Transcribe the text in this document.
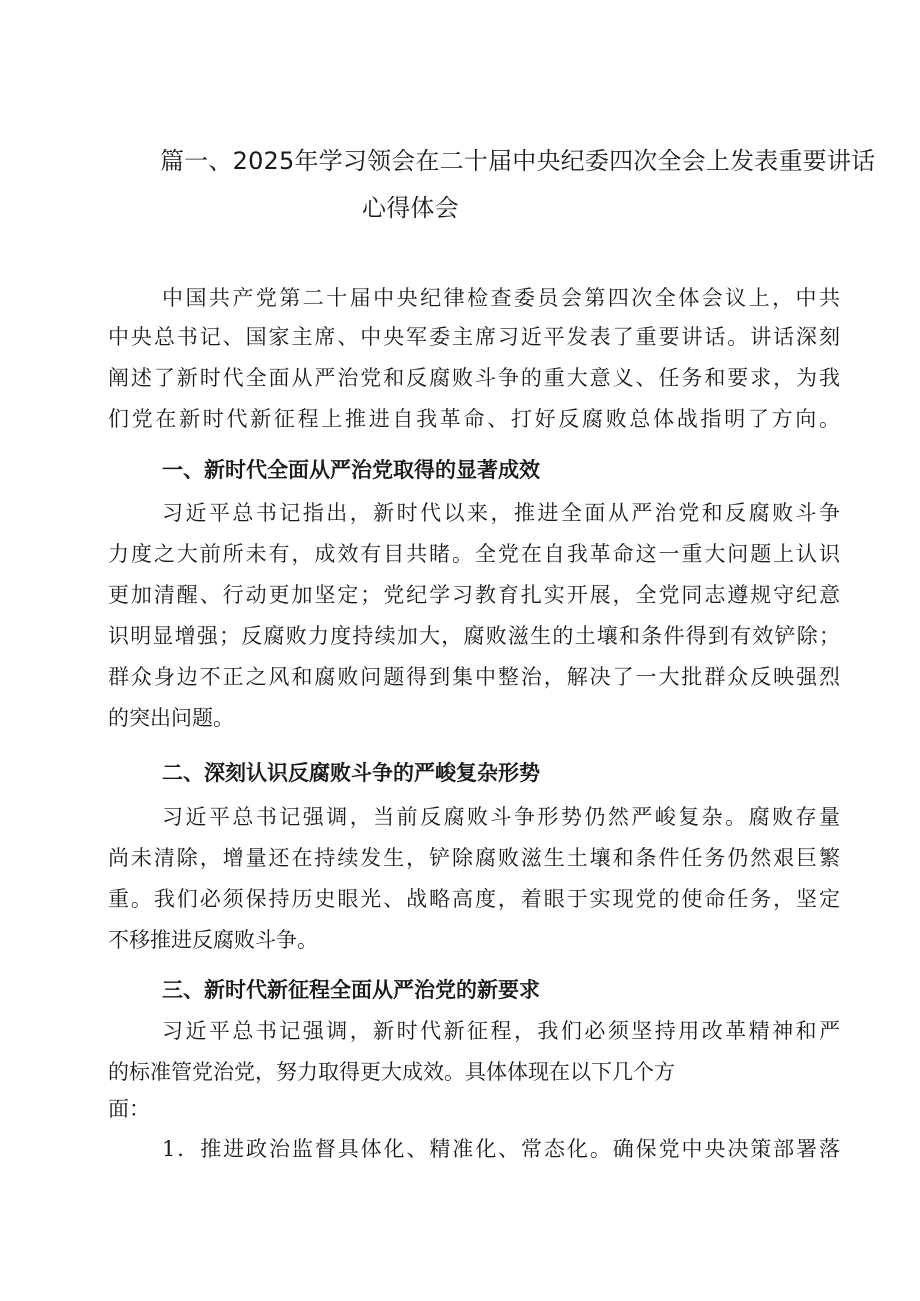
篇一、2025年学习领会在二十届中央纪委四次全会上发表重要讲话
心得体会
中国共产党第二十届中央纪律检查委员会第四次全体会议上，中共
中央总书记、国家主席、中央军委主席习近平发表了重要讲话。讲话深刻
阐述了新时代全面从严治党和反腐败斗争的重大意义、任务和要求，为我
们党在新时代新征程上推进自我革命、打好反腐败总体战指明了方向。
一、新时代全面从严治党取得的显著成效
习近平总书记指出，新时代以来，推进全面从严治党和反腐败斗争
力度之大前所未有，成效有目共睹。全党在自我革命这一重大问题上认识
更加清醒、行动更加坚定；党纪学习教育扎实开展，全党同志遵规守纪意
识明显增强；反腐败力度持续加大，腐败滋生的土壤和条件得到有效铲除；
群众身边不正之风和腐败问题得到集中整治，解决了一大批群众反映强烈
的突出问题。
二、深刻认识反腐败斗争的严峻复杂形势
习近平总书记强调，当前反腐败斗争形势仍然严峻复杂。腐败存量
尚未清除，增量还在持续发生，铲除腐败滋生土壤和条件任务仍然艰巨繁
重。我们必须保持历史眼光、战略高度，着眼于实现党的使命任务，坚定
不移推进反腐败斗争。
三、新时代新征程全面从严治党的新要求
习近平总书记强调，新时代新征程，我们必须坚持用改革精神和严
的标准管党治党，努力取得更大成效。具体体现在以下几个方
面：
1．推进政治监督具体化、精准化、常态化。确保党中央决策部署落
